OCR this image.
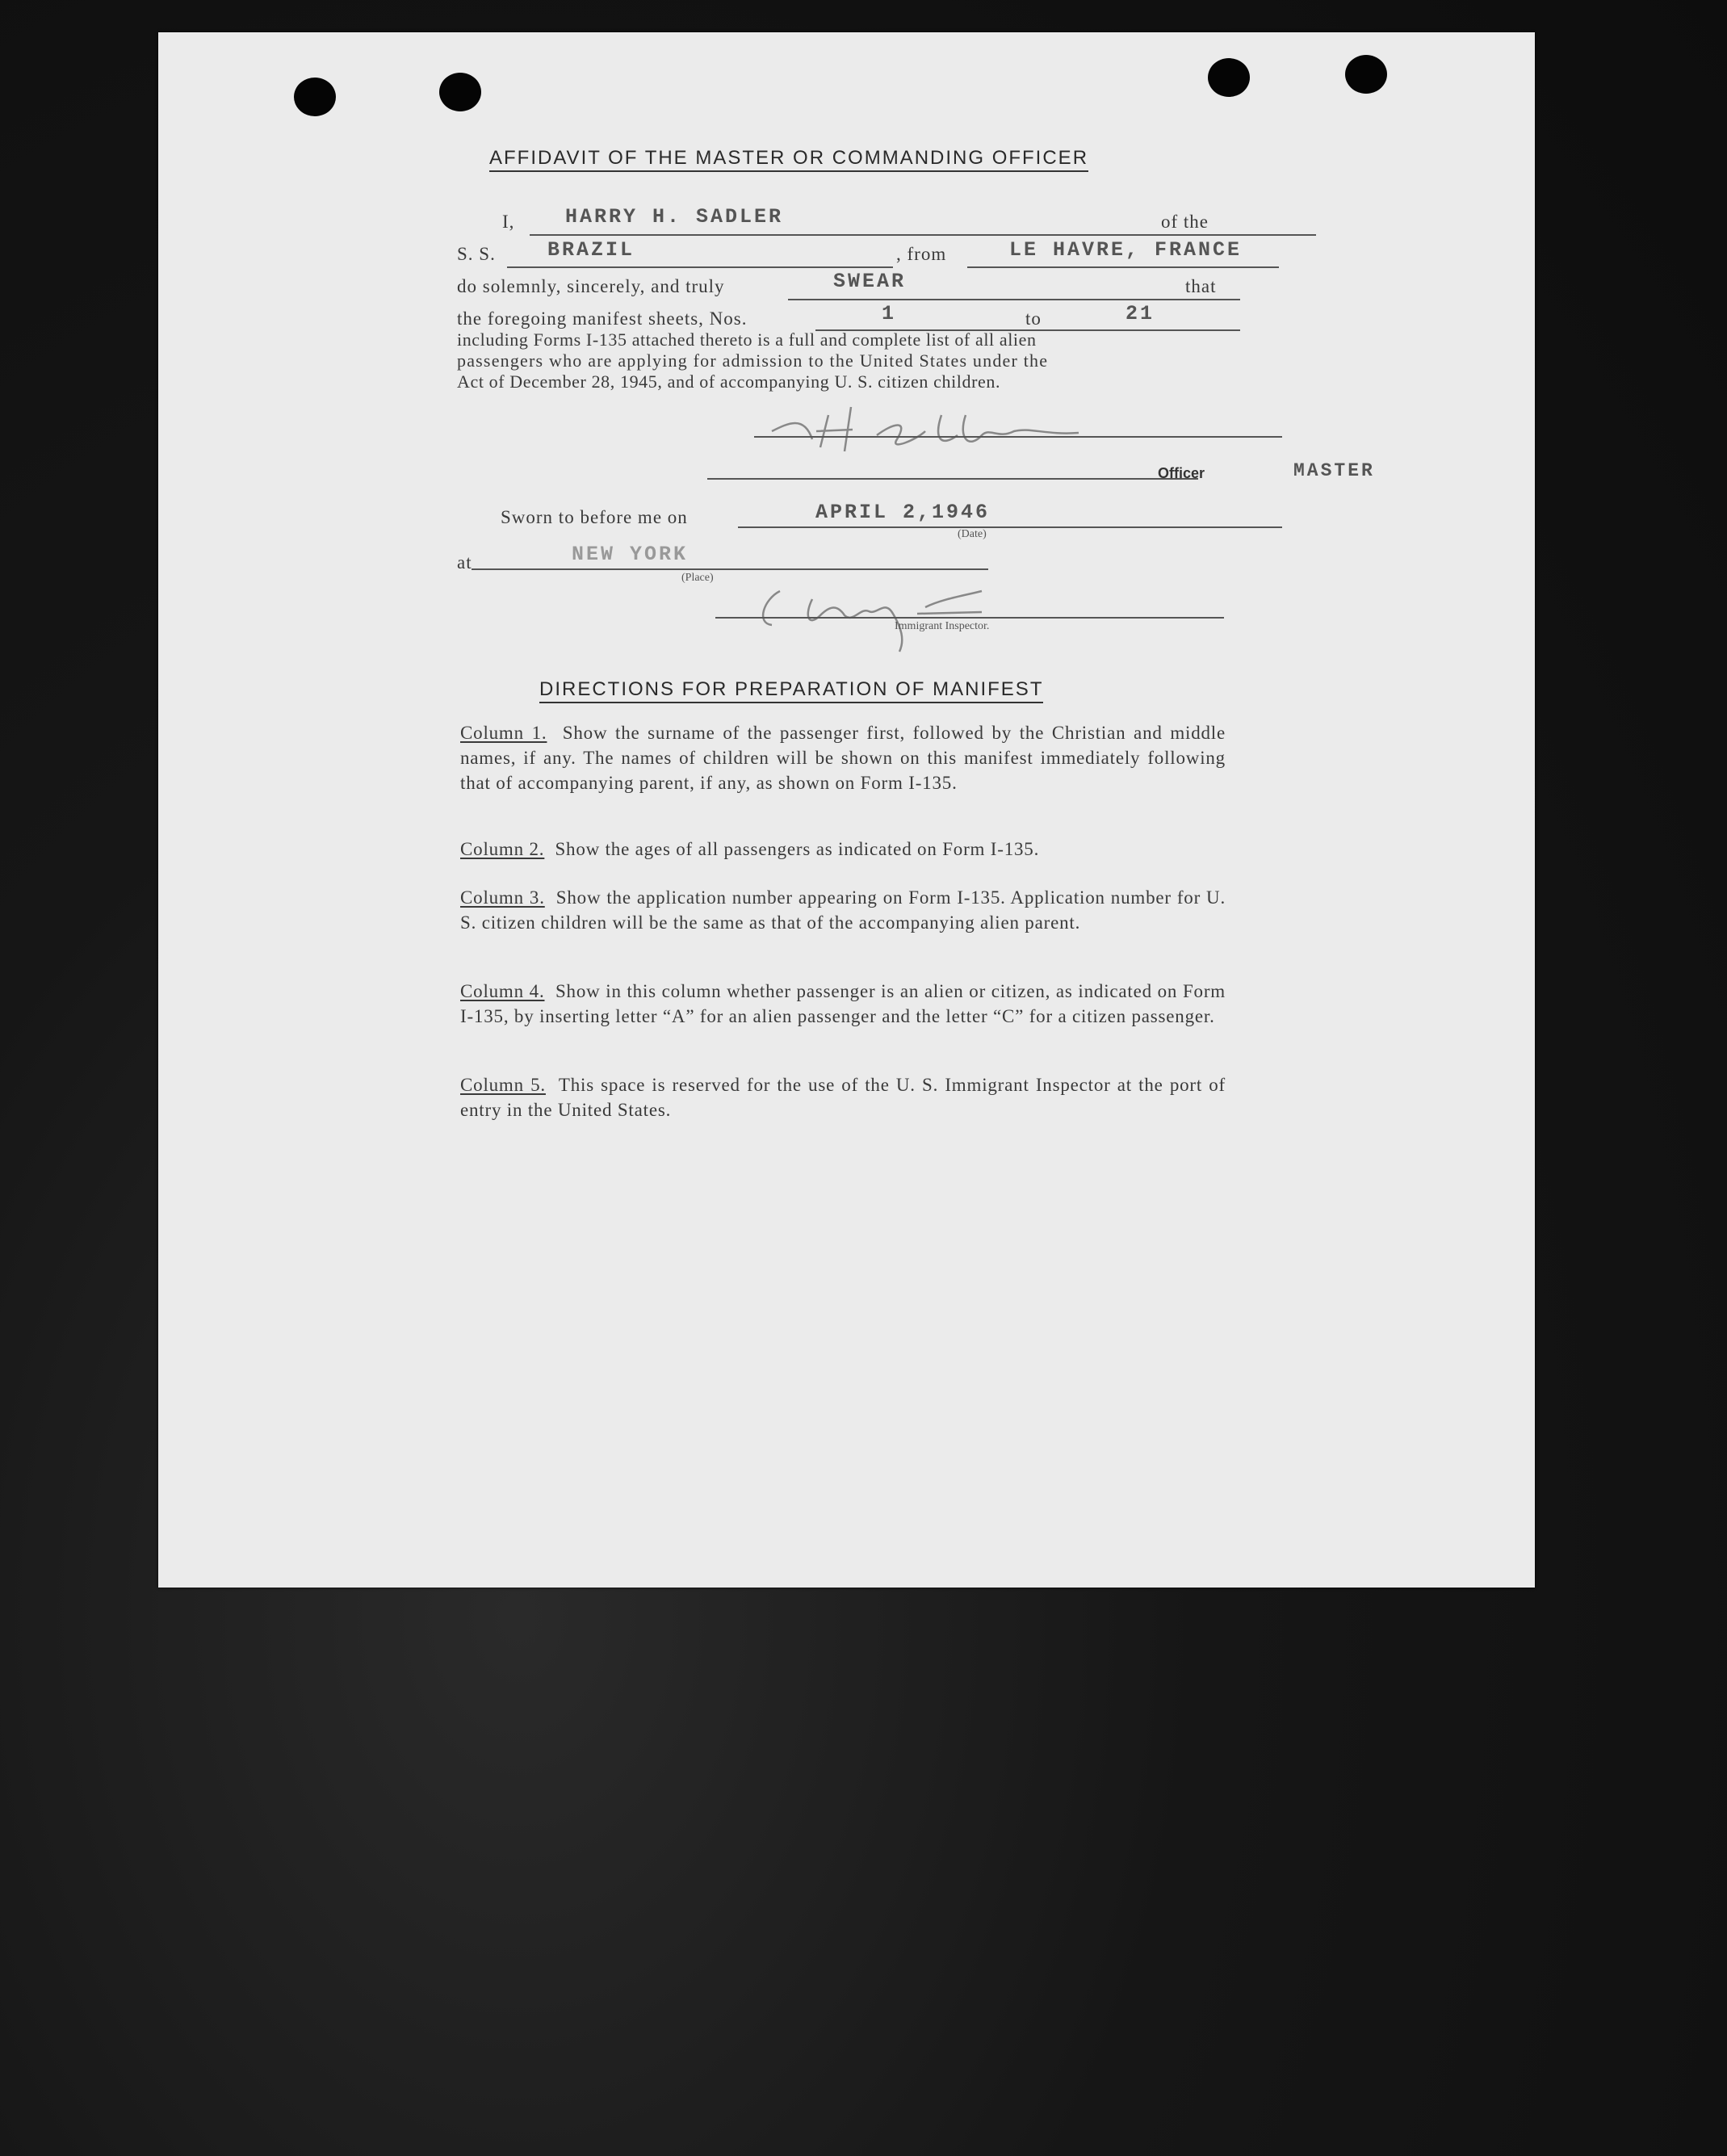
AFFIDAVIT OF THE MASTER OR COMMANDING OFFICER
I,	HARRY H. SADLER	of the
S. S.	BRAZIL	, from	LE HAVRE, FRANCE
do solemnly, sincerely, and truly	SWEAR	that
the foregoing manifest sheets, Nos.	1	to	21
including Forms I-135 attached thereto is a full and complete list of all alien
passengers who are applying for admission to the United States under the
Act of December 28, 1945, and of accompanying U. S. citizen children.
Officer	MASTER
Sworn to before me on	APRIL 2,1946
(Date)
at	NEW YORK
(Place)
Immigrant Inspector.
DIRECTIONS FOR PREPARATION OF MANIFEST
Column 1. Show the surname of the passenger first, followed by the Christian and middle names, if any. The names of children will be shown on this manifest immediately following that of accompanying parent, if any, as shown on Form I-135.
Column 2. Show the ages of all passengers as indicated on Form I-135.
Column 3. Show the application number appearing on Form I-135. Application number for U. S. citizen children will be the same as that of the accompanying alien parent.
Column 4. Show in this column whether passenger is an alien or citizen, as indicated on Form I-135, by inserting letter “A” for an alien passenger and the letter “C” for a citizen passenger.
Column 5. This space is reserved for the use of the U. S. Immigrant Inspector at the port of entry in the United States.
